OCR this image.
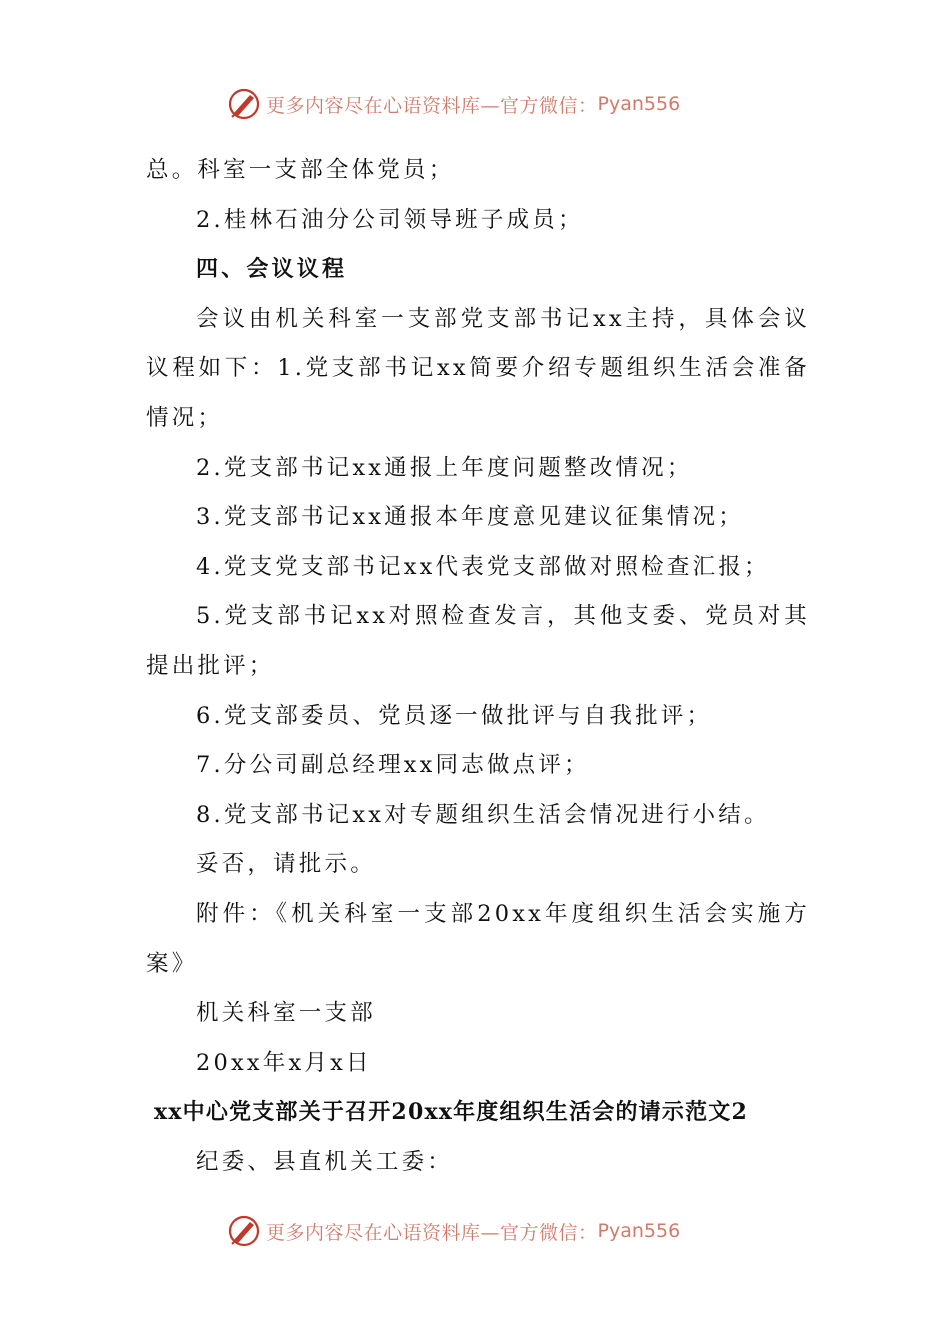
更多内容尽在心语资料库—官方微信： Pyan556

总。科室一支部全体党员；

2.桂林石油分公司领导班子成员；

四、会议议程

会议由机关科室一支部党支部书记xx主持，具体会议议程如下：1.党支部书记xx简要介绍专题组织生活会准备情况；

2.党支部书记xx通报上年度问题整改情况；

3.党支部书记xx通报本年度意见建议征集情况；

4.党支党支部书记xx代表党支部做对照检查汇报；

5.党支部书记xx对照检查发言，其他支委、党员对其提出批评；

6.党支部委员、党员逐一做批评与自我批评；

7.分公司副总经理xx同志做点评；

8.党支部书记xx对专题组织生活会情况进行小结。

妥否，请批示。

附件：《机关科室一支部20xx年度组织生活会实施方案》

机关科室一支部

20xx年x月x日

xx中心党支部关于召开20xx年度组织生活会的请示范文2

纪委、县直机关工委：

更多内容尽在心语资料库—官方微信： Pyan556
